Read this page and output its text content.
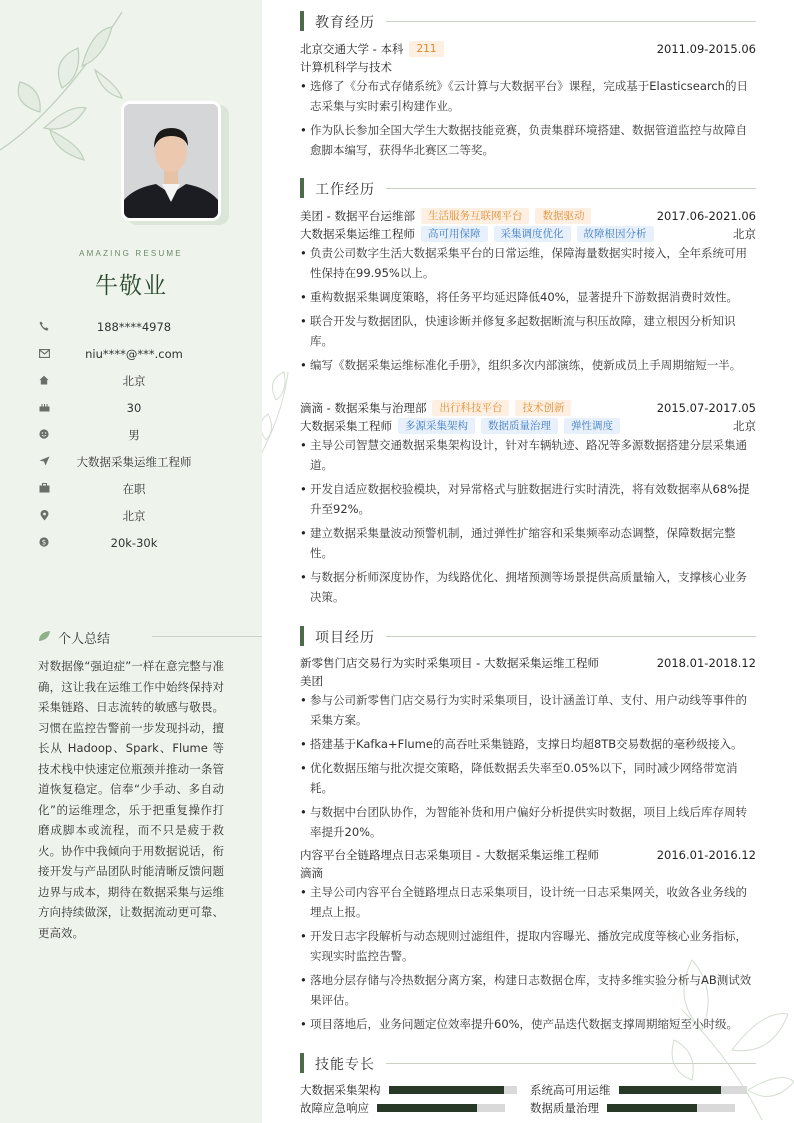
AMAZING RESUME
牛敬业
188****4978
niu****@***.com
北京
30
男
大数据采集运维工程师
在职
北京
$	20k-30k
个人总结
对数据像“强迫症”一样在意完整与准确，这让我在运维工作中始终保持对采集链路、日志流转的敏感与敬畏。习惯在监控告警前一步发现抖动，擅长从 Hadoop、Spark、Flume 等技术栈中快速定位瓶颈并推动一条管道恢复稳定。信奉“少手动、多自动化”的运维理念，乐于把重复操作打磨成脚本或流程，而不只是疲于救火。协作中我倾向于用数据说话，衔接开发与产品团队时能清晰反馈问题边界与成本，期待在数据采集与运维方向持续做深，让数据流动更可靠、更高效。
教育经历
北京交通大学 - 本科	211	2011.09-2015.06
计算机科学与技术
• 选修了《分布式存储系统》《云计算与大数据平台》课程，完成基于Elasticsearch的日志采集与实时索引构建作业。
• 作为队长参加全国大学生大数据技能竞赛，负责集群环境搭建、数据管道监控与故障自愈脚本编写，获得华北赛区二等奖。
工作经历
美团 - 数据平台运维部	生活服务互联网平台	数据驱动	2017.06-2021.06
大数据采集运维工程师	高可用保障	采集调度优化	故障根因分析	北京
• 负责公司数字生活大数据采集平台的日常运维，保障海量数据实时接入，全年系统可用性保持在99.95%以上。
• 重构数据采集调度策略，将任务平均延迟降低40%，显著提升下游数据消费时效性。
• 联合开发与数据团队，快速诊断并修复多起数据断流与积压故障，建立根因分析知识库。
• 编写《数据采集运维标准化手册》，组织多次内部演练，使新成员上手周期缩短一半。
滴滴 - 数据采集与治理部	出行科技平台	技术创新	2015.07-2017.05
大数据采集工程师	多源采集架构	数据质量治理	弹性调度	北京
• 主导公司智慧交通数据采集架构设计，针对车辆轨迹、路况等多源数据搭建分层采集通道。
• 开发自适应数据校验模块，对异常格式与脏数据进行实时清洗，将有效数据率从68%提升至92%。
• 建立数据采集量波动预警机制，通过弹性扩缩容和采集频率动态调整，保障数据完整性。
• 与数据分析师深度协作，为线路优化、拥堵预测等场景提供高质量输入，支撑核心业务决策。
项目经历
新零售门店交易行为实时采集项目 - 大数据采集运维工程师	2018.01-2018.12
美团
• 参与公司新零售门店交易行为实时采集项目，设计涵盖订单、支付、用户动线等事件的采集方案。
• 搭建基于Kafka+Flume的高吞吐采集链路，支撑日均超8TB交易数据的毫秒级接入。
• 优化数据压缩与批次提交策略，降低数据丢失率至0.05%以下，同时减少网络带宽消耗。
• 与数据中台团队协作，为智能补货和用户偏好分析提供实时数据，项目上线后库存周转率提升20%。
内容平台全链路埋点日志采集项目 - 大数据采集运维工程师	2016.01-2016.12
滴滴
• 主导公司内容平台全链路埋点日志采集项目，设计统一日志采集网关，收敛各业务线的埋点上报。
• 开发日志字段解析与动态规则过滤组件，提取内容曝光、播放完成度等核心业务指标，实现实时监控告警。
• 落地分层存储与冷热数据分离方案，构建日志数据仓库，支持多维实验分析与AB测试效果评估。
• 项目落地后，业务问题定位效率提升60%，使产品迭代数据支撑周期缩短至小时级。
技能专长
大数据采集架构	系统高可用运维
故障应急响应	数据质量治理
